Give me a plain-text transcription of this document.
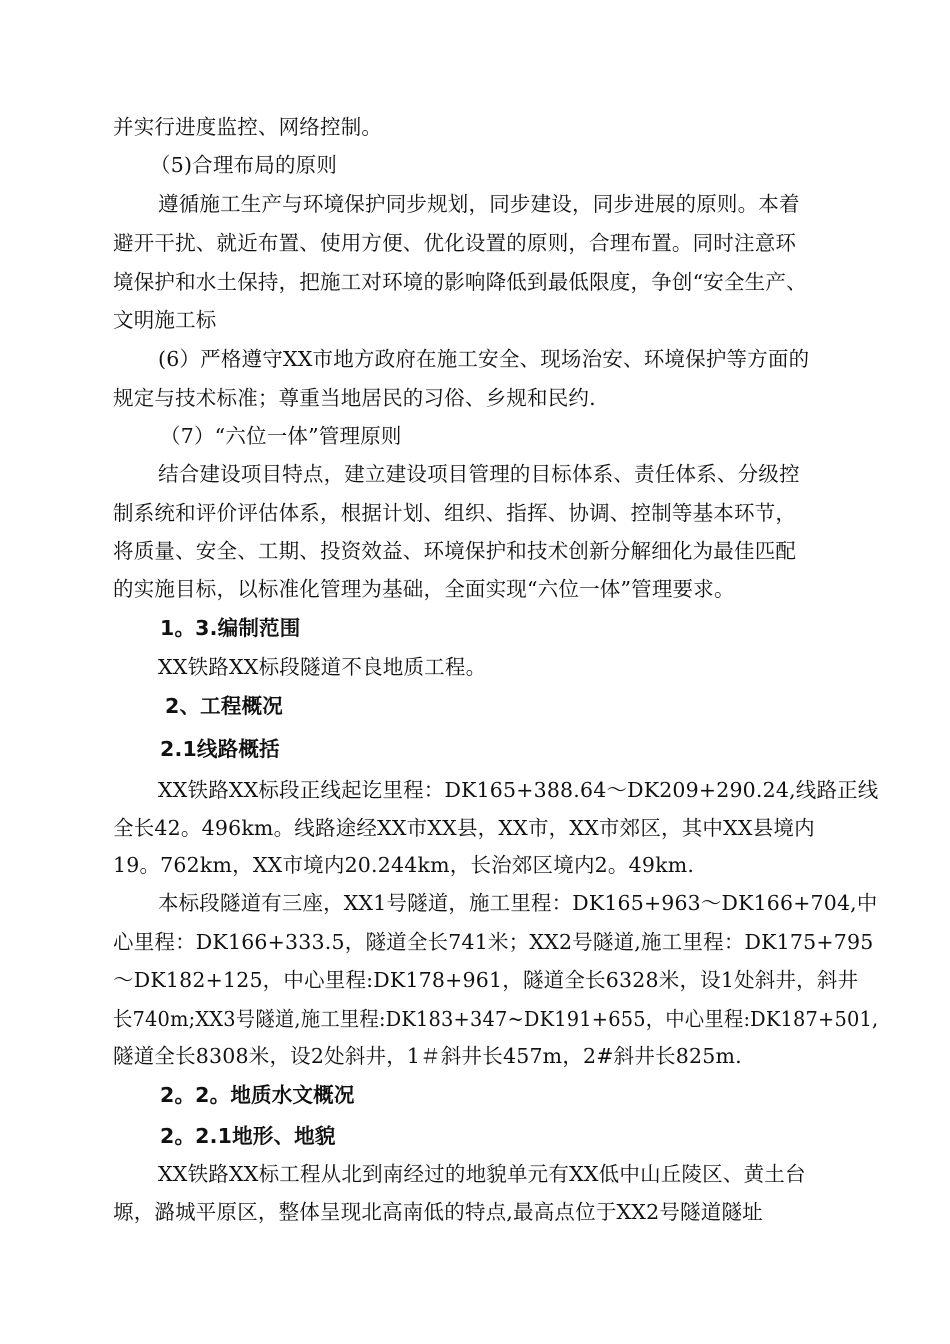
并实行进度监控、网络控制。
（5)合理布局的原则
遵循施工生产与环境保护同步规划，同步建设，同步进展的原则。本着
避开干扰、就近布置、使用方便、优化设置的原则，合理布置。同时注意环
境保护和水土保持，把施工对环境的影响降低到最低限度，争创“安全生产、
文明施工标
(6）严格遵守XX市地方政府在施工安全、现场治安、环境保护等方面的
规定与技术标准；尊重当地居民的习俗、乡规和民约.
（7）“六位一体”管理原则
结合建设项目特点，建立建设项目管理的目标体系、责任体系、分级控
制系统和评价评估体系，根据计划、组织、指挥、协调、控制等基本环节，
将质量、安全、工期、投资效益、环境保护和技术创新分解细化为最佳匹配
的实施目标，以标准化管理为基础，全面实现“六位一体”管理要求。
1。3.编制范围
XX铁路XX标段隧道不良地质工程。
2、工程概况
2.1线路概括
XX铁路XX标段正线起讫里程：DK165+388.64～DK209+290.24,线路正线
全长42。496km。线路途经XX市XX县，XX市，XX市郊区，其中XX县境内
19。762km，XX市境内20.244km，长治郊区境内2。49km.
本标段隧道有三座，XX1号隧道，施工里程：DK165+963～DK166+704,中
心里程：DK166+333.5，隧道全长741米；XX2号隧道,施工里程：DK175+795
～DK182+125，中心里程:DK178+961，隧道全长6328米，设1处斜井，斜井
长740m;XX3号隧道,施工里程:DK183+347~DK191+655，中心里程:DK187+501,
隧道全长8308米，设2处斜井，1＃斜井长457m，2#斜井长825m.
2。2。地质水文概况
2。2.1地形、地貌
XX铁路XX标工程从北到南经过的地貌单元有XX低中山丘陵区、黄土台
塬，潞城平原区，整体呈现北高南低的特点,最高点位于XX2号隧道隧址
